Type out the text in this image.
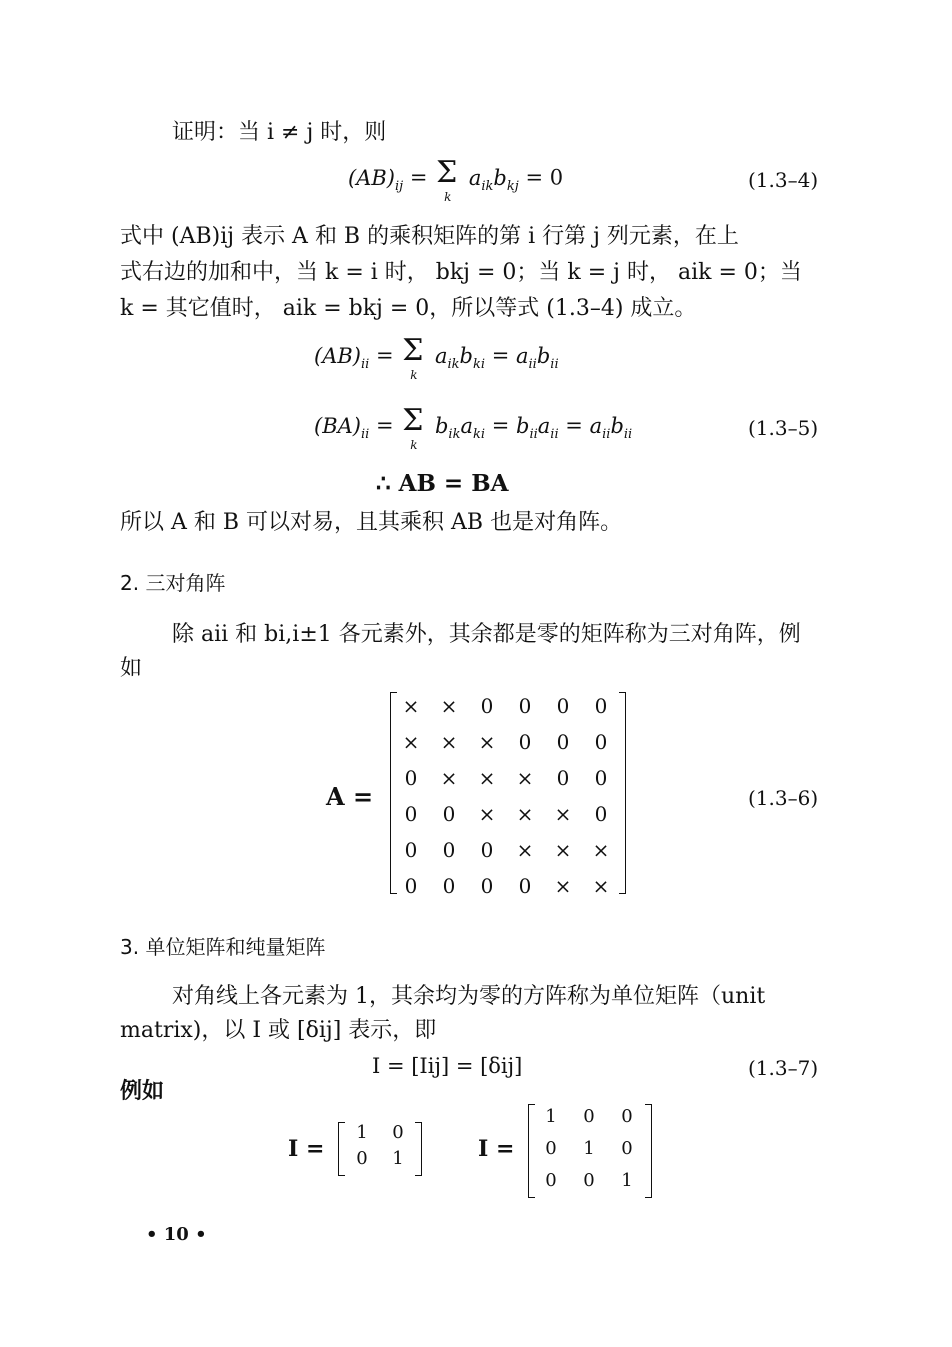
证明：当 i ≠ j 时，则
$(AB)_{ij} = \Sigma$
k
$a_{ik}b_{kj} = 0$	(1.3–4)
式中 (AB)ij 表示 A 和 B 的乘积矩阵的第 i 行第 j 列元素，在上
式右边的加和中，当 k = i 时， bkj = 0；当 k = j 时， aik = 0；当
k = 其它值时， aik = bkj = 0，所以等式 (1.3–4) 成立。
$(AB)_{ii} = \Sigma$
k
$a_{ik}b_{ki} = a_{ii}b_{ii}$
$(BA)_{ii} = \Sigma$
k
$b_{ik}a_{ki} = b_{ii}a_{ii} = a_{ii}b_{ii}$	(1.3–5)
∴ AB = BA
所以 A 和 B 可以对易，且其乘积 AB 也是对角阵。
2. 三对角阵
除 aii 和 bi,i±1 各元素外，其余都是零的矩阵称为三对角阵，例
如
A =
×	×	0	0	0	0
×	×	×	0	0	0
0	×	×	×	0	0
0	0	×	×	×	0
0	0	0	×	×	×
0	0	0	0	×	×
(1.3–6)
3. 单位矩阵和纯量矩阵
对角线上各元素为 1，其余均为零的方阵称为单位矩阵（unit
matrix)，以 I 或 [δij] 表示，即
I = [Iij] = [δij]	(1.3–7)
例如
I =
1	0
0	1	I =
1	0	0
0	1	0
0	0	1
• 10 •
